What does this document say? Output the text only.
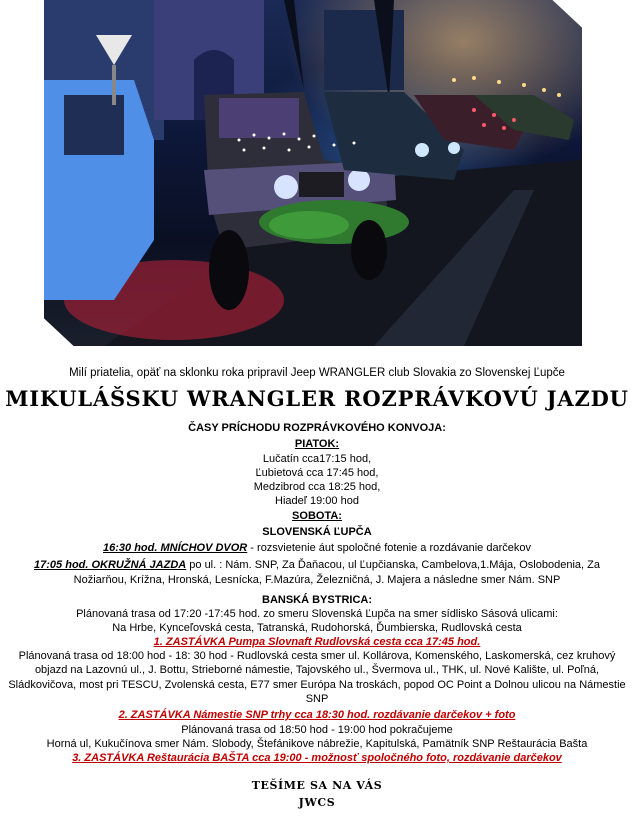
Milí priatelia, opäť na sklonku roka pripravil Jeep WRANGLER club Slovakia zo Slovenskej Ľupče
MIKULÁŠSKU WRANGLER ROZPRÁVKOVÚ JAZDU
ČASY PRÍCHODU ROZPRÁVKOVÉHO KONVOJA:
PIATOK:
Lučatín cca17:15 hod,
Ľubietová cca 17:45 hod,
Medzibrod cca 18:25 hod,
Hiadeľ 19:00 hod
SOBOTA:
SLOVENSKÁ ĽUPČA
16:30 hod. MNÍCHOV DVOR - rozsvietenie áut spoločné fotenie a rozdávanie darčekov
17:05 hod. OKRUŽNÁ JAZDA po ul. : Nám. SNP, Za Ďaňacou, ul Ľupčianska, Cambelova,1.Mája, Oslobodenia, Za
Nožiarňou, Krížna, Hronská, Lesnícka, F.Mazúra, Železničná, J. Majera a následne smer Nám. SNP
BANSKÁ BYSTRICA:
Plánovaná trasa od 17:20 -17:45 hod. zo smeru Slovenská Ľupča na smer sídlisko Sásová ulicami:
Na Hrbe, Kynceľovská cesta, Tatranská, Rudohorská, Ďumbierska, Rudlovská cesta
1. ZASTÁVKA Pumpa Slovnaft Rudlovská cesta cca 17:45 hod.
Plánovaná trasa od 18:00 hod - 18: 30 hod - Rudlovská cesta smer ul. Kollárova, Komenského, Laskomerská, cez kruhový
objazd na Lazovnú ul., J. Bottu, Strieborné námestie, Tajovského ul., Švermova ul., THK, ul. Nové Kalište, ul. Poľná,
Sládkovičova, most pri TESCU, Zvolenská cesta, E77 smer Európa Na troskách, popod OC Point a Dolnou ulicou na Námestie
SNP
2. ZASTÁVKA Námestie SNP trhy cca 18:30 hod. rozdávanie darčekov + foto
Plánovaná trasa od 18:50 hod - 19:00 hod pokračujeme
Horná ul, Kukučínova smer Nám. Slobody, Štefánikove nábrežie, Kapitulská, Pamätník SNP Reštaurácia Bašta
3. ZASTÁVKA Reštaurácia BAŠTA cca 19:00 - možnosť spoločného foto, rozdávanie darčekov
TEŠÍME SA NA VÁS
JWCS
